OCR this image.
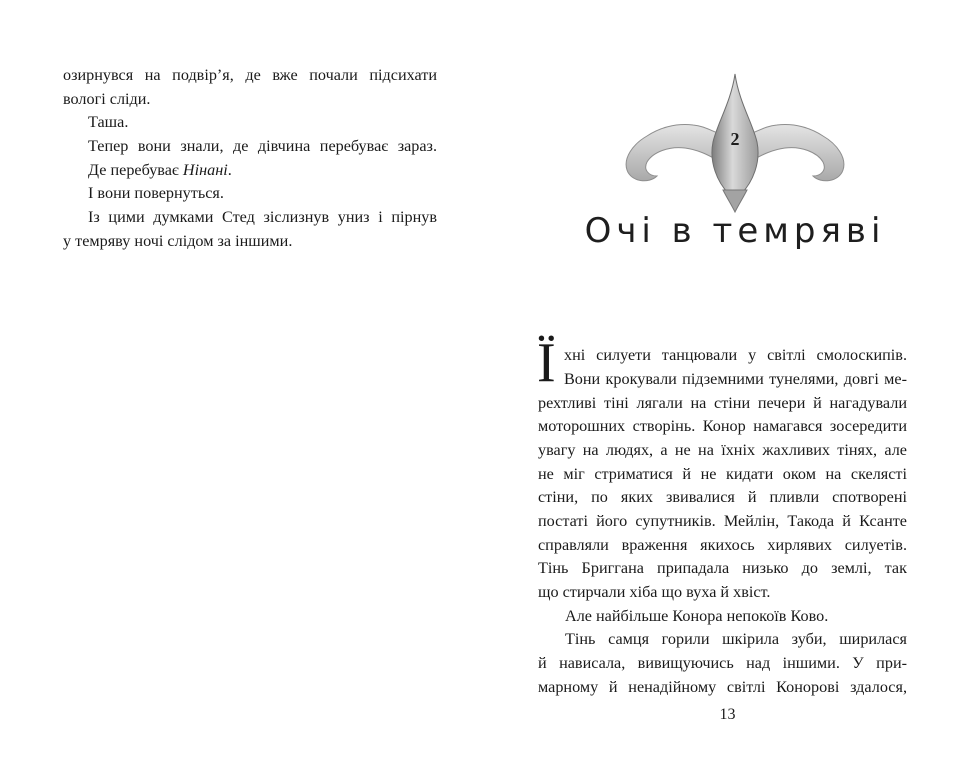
озирнувся на подвір’я, де вже почали підсихати
вологі сліди.
Таша.
Тепер вони знали, де дівчина перебуває зараз.
Де перебуває Нінані.
І вони повернуться.
Із цими думками Стед зіслизнув униз і пірнув
у темряву ночі слідом за іншими.
2
Очі в темряві
Ї хні силуети танцювали у світлі смолоскипів.
Вони крокували підземними тунелями, довгі ме-
рехтливі тіні лягали на стіни печери й нагадували
моторошних створінь. Конор намагався зосередити
увагу на людях, а не на їхніх жахливих тінях, але
не міг стриматися й не кидати оком на скелясті
стіни, по яких звивалися й пливли спотворені
постаті його супутників. Мейлін, Такода й Ксанте
справляли враження якихось хирлявих силуетів.
Тінь Бриггана припадала низько до землі, так
що стирчали хіба що вуха й хвіст.
Але найбільше Конора непокоїв Ково.
Тінь самця горили шкірила зуби, ширилася
й нависала, вивищуючись над іншими. У при-
марному й ненадійному світлі Конорові здалося,
13
